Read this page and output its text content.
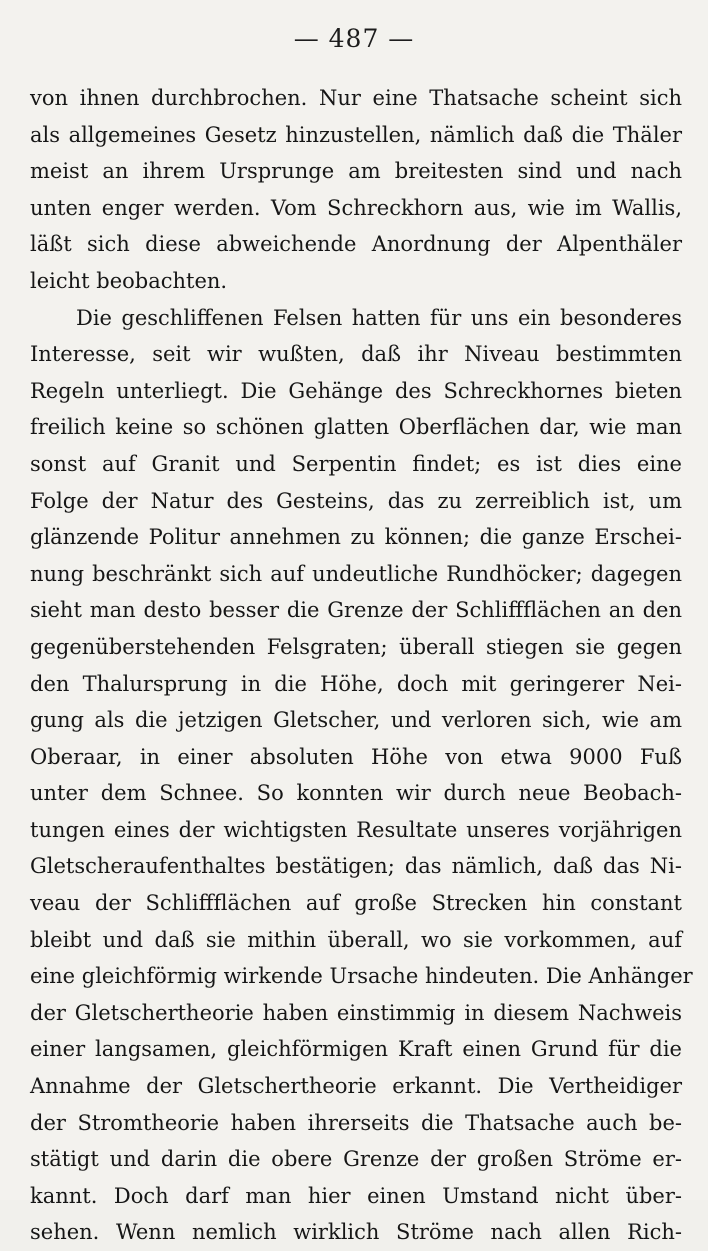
— 487 —
von ihnen durchbrochen. Nur eine Thatsache scheint sich
als allgemeines Gesetz hinzustellen, nämlich daß die Thäler
meist an ihrem Ursprunge am breitesten sind und nach
unten enger werden. Vom Schreckhorn aus, wie im Wallis,
läßt sich diese abweichende Anordnung der Alpenthäler
leicht beobachten.
Die geschliffenen Felsen hatten für uns ein besonderes
Interesse, seit wir wußten, daß ihr Niveau bestimmten
Regeln unterliegt. Die Gehänge des Schreckhornes bieten
freilich keine so schönen glatten Oberflächen dar, wie man
sonst auf Granit und Serpentin findet; es ist dies eine
Folge der Natur des Gesteins, das zu zerreiblich ist, um
glänzende Politur annehmen zu können; die ganze Erschei-
nung beschränkt sich auf undeutliche Rundhöcker; dagegen
sieht man desto besser die Grenze der Schliffflächen an den
gegenüberstehenden Felsgraten; überall stiegen sie gegen
den Thalursprung in die Höhe, doch mit geringerer Nei-
gung als die jetzigen Gletscher, und verloren sich, wie am
Oberaar, in einer absoluten Höhe von etwa 9000 Fuß
unter dem Schnee. So konnten wir durch neue Beobach-
tungen eines der wichtigsten Resultate unseres vorjährigen
Gletscheraufenthaltes bestätigen; das nämlich, daß das Ni-
veau der Schliffflächen auf große Strecken hin constant
bleibt und daß sie mithin überall, wo sie vorkommen, auf
eine gleichförmig wirkende Ursache hindeuten. Die Anhänger
der Gletschertheorie haben einstimmig in diesem Nachweis
einer langsamen, gleichförmigen Kraft einen Grund für die
Annahme der Gletschertheorie erkannt. Die Vertheidiger
der Stromtheorie haben ihrerseits die Thatsache auch be-
stätigt und darin die obere Grenze der großen Ströme er-
kannt. Doch darf man hier einen Umstand nicht über-
sehen. Wenn nemlich wirklich Ströme nach allen Rich-
